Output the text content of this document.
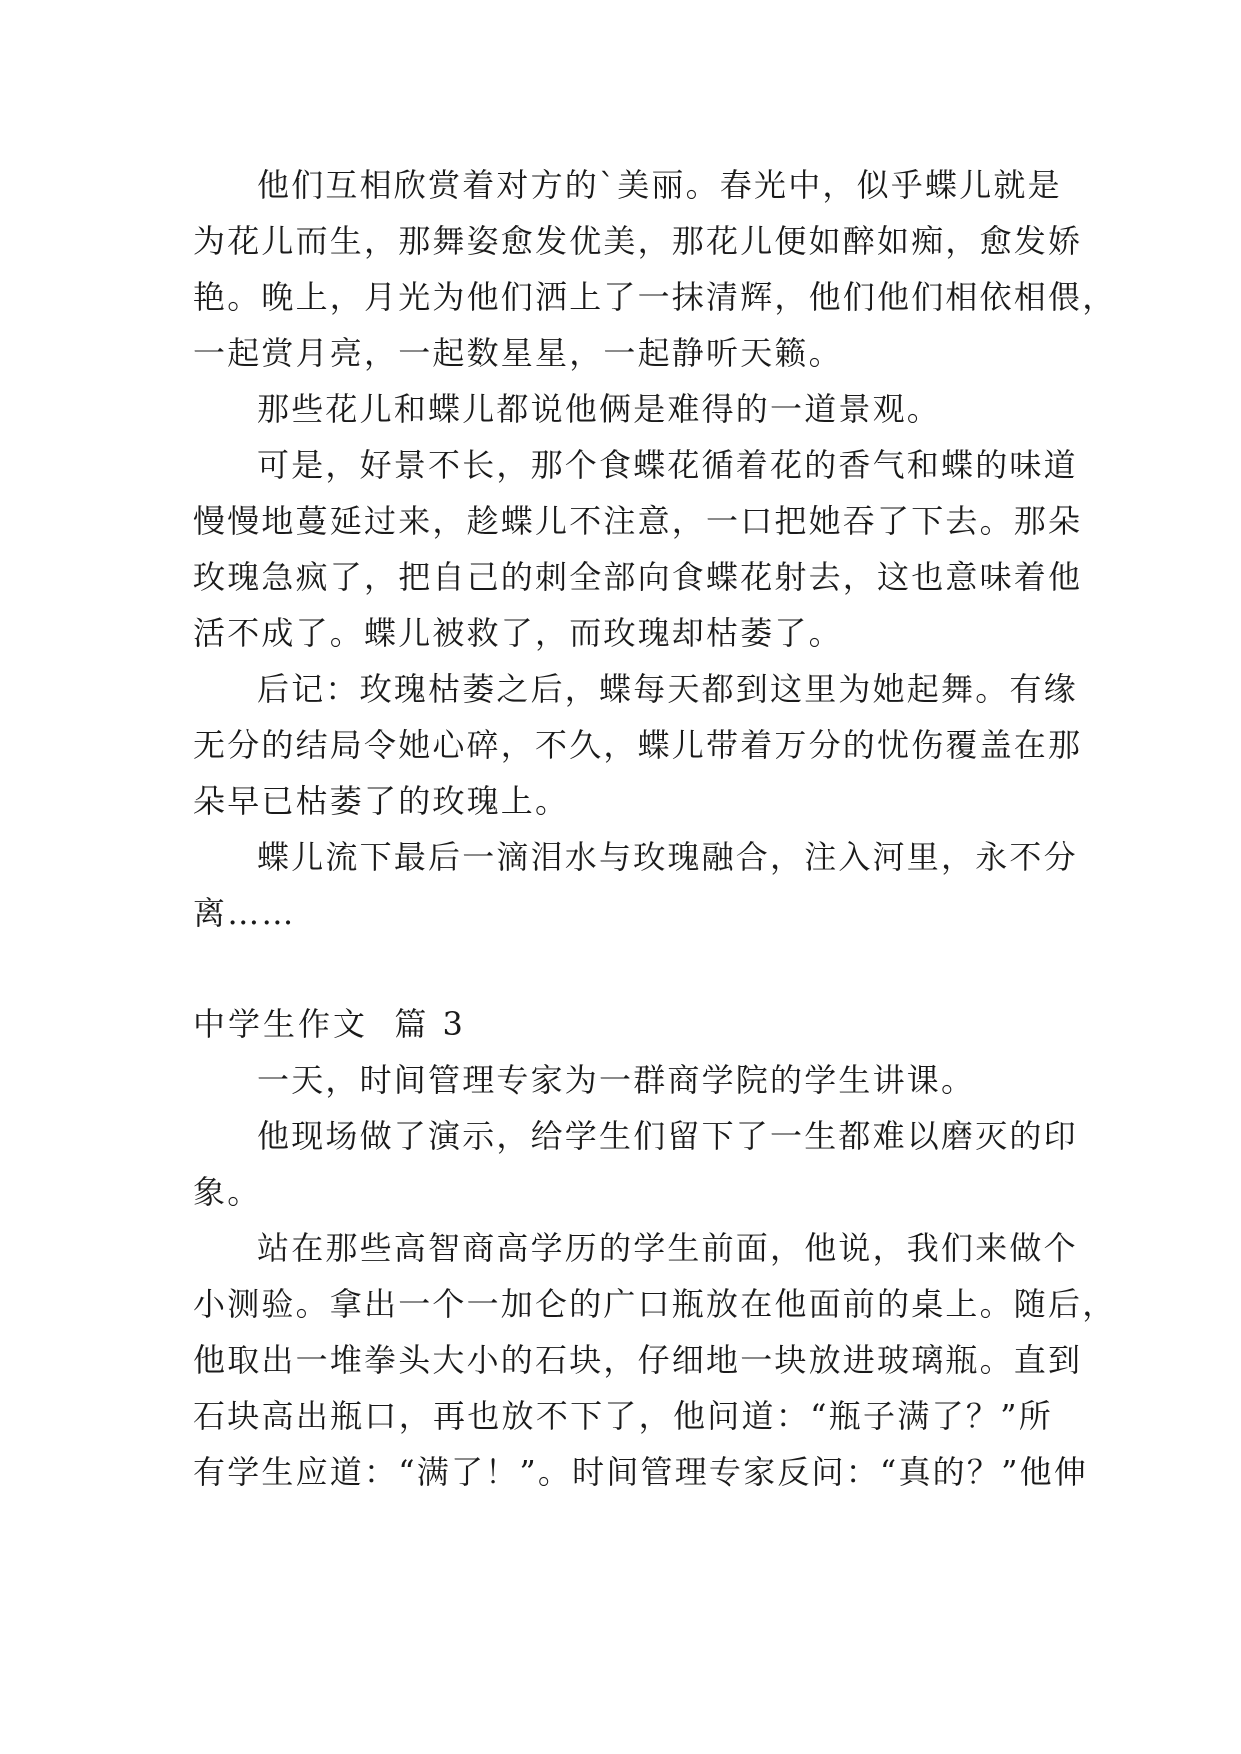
他们互相欣赏着对方的`美丽。春光中，似乎蝶儿就是
为花儿而生，那舞姿愈发优美，那花儿便如醉如痴，愈发娇
艳。晚上，月光为他们洒上了一抹清辉，他们他们相依相偎，
一起赏月亮，一起数星星，一起静听天籁。
那些花儿和蝶儿都说他俩是难得的一道景观。
可是，好景不长，那个食蝶花循着花的香气和蝶的味道
慢慢地蔓延过来，趁蝶儿不注意，一口把她吞了下去。那朵
玫瑰急疯了，把自己的刺全部向食蝶花射去，这也意味着他
活不成了。蝶儿被救了，而玫瑰却枯萎了。
后记：玫瑰枯萎之后，蝶每天都到这里为她起舞。有缘
无分的结局令她心碎，不久，蝶儿带着万分的忧伤覆盖在那
朵早已枯萎了的玫瑰上。
蝶儿流下最后一滴泪水与玫瑰融合，注入河里，永不分
离……
中学生作文  篇 3
一天，时间管理专家为一群商学院的学生讲课。
他现场做了演示，给学生们留下了一生都难以磨灭的印
象。
站在那些高智商高学历的学生前面，他说，我们来做个
小测验。拿出一个一加仑的广口瓶放在他面前的桌上。随后，
他取出一堆拳头大小的石块，仔细地一块放进玻璃瓶。直到
石块高出瓶口，再也放不下了，他问道：“瓶子满了？”所
有学生应道：“满了！”。时间管理专家反问：“真的？”他伸
